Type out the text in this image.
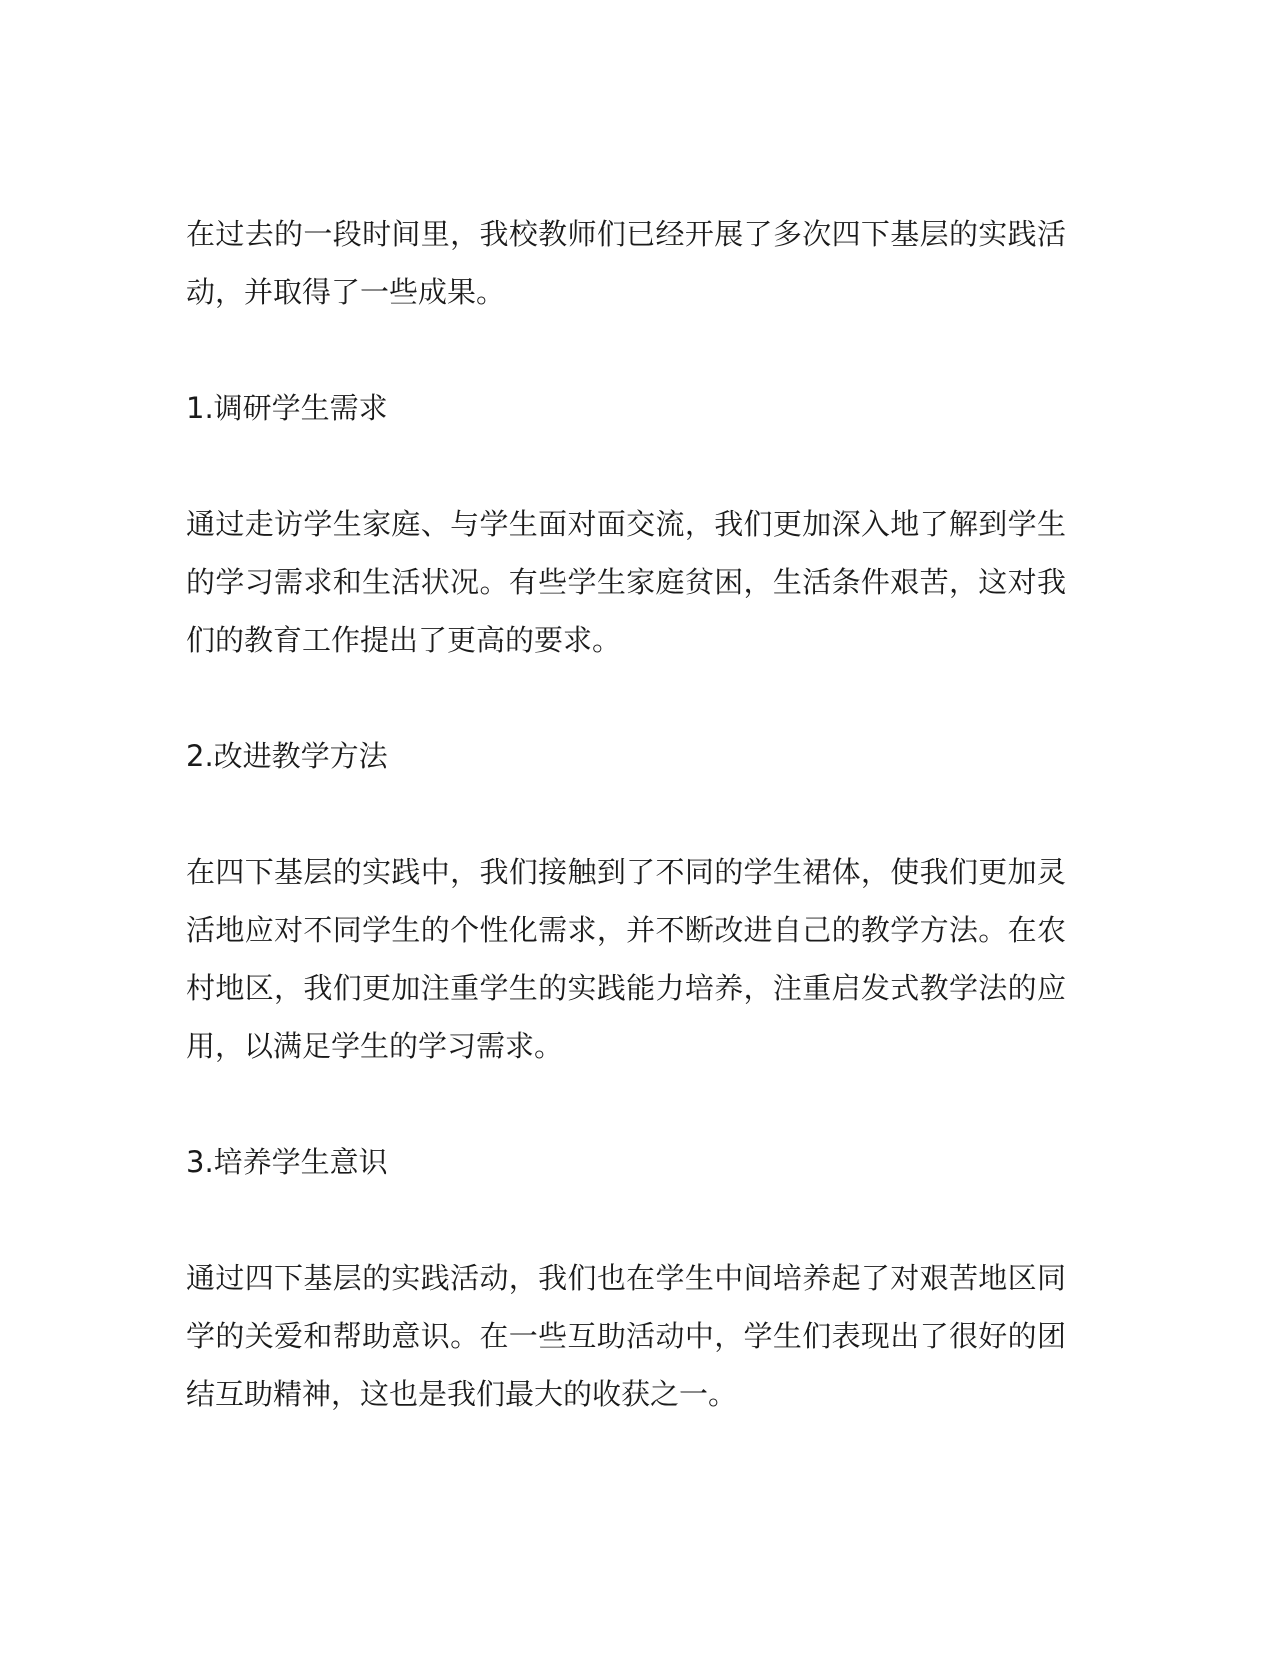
在过去的一段时间里，我校教师们已经开展了多次四下基层的实践活动，并取得了一些成果。

1.调研学生需求

通过走访学生家庭、与学生面对面交流，我们更加深入地了解到学生的学习需求和生活状况。有些学生家庭贫困，生活条件艰苦，这对我们的教育工作提出了更高的要求。

2.改进教学方法

在四下基层的实践中，我们接触到了不同的学生裙体，使我们更加灵活地应对不同学生的个性化需求，并不断改进自己的教学方法。在农村地区，我们更加注重学生的实践能力培养，注重启发式教学法的应用，以满足学生的学习需求。

3.培养学生意识

通过四下基层的实践活动，我们也在学生中间培养起了对艰苦地区同学的关爱和帮助意识。在一些互助活动中，学生们表现出了很好的团结互助精神，这也是我们最大的收获之一。
